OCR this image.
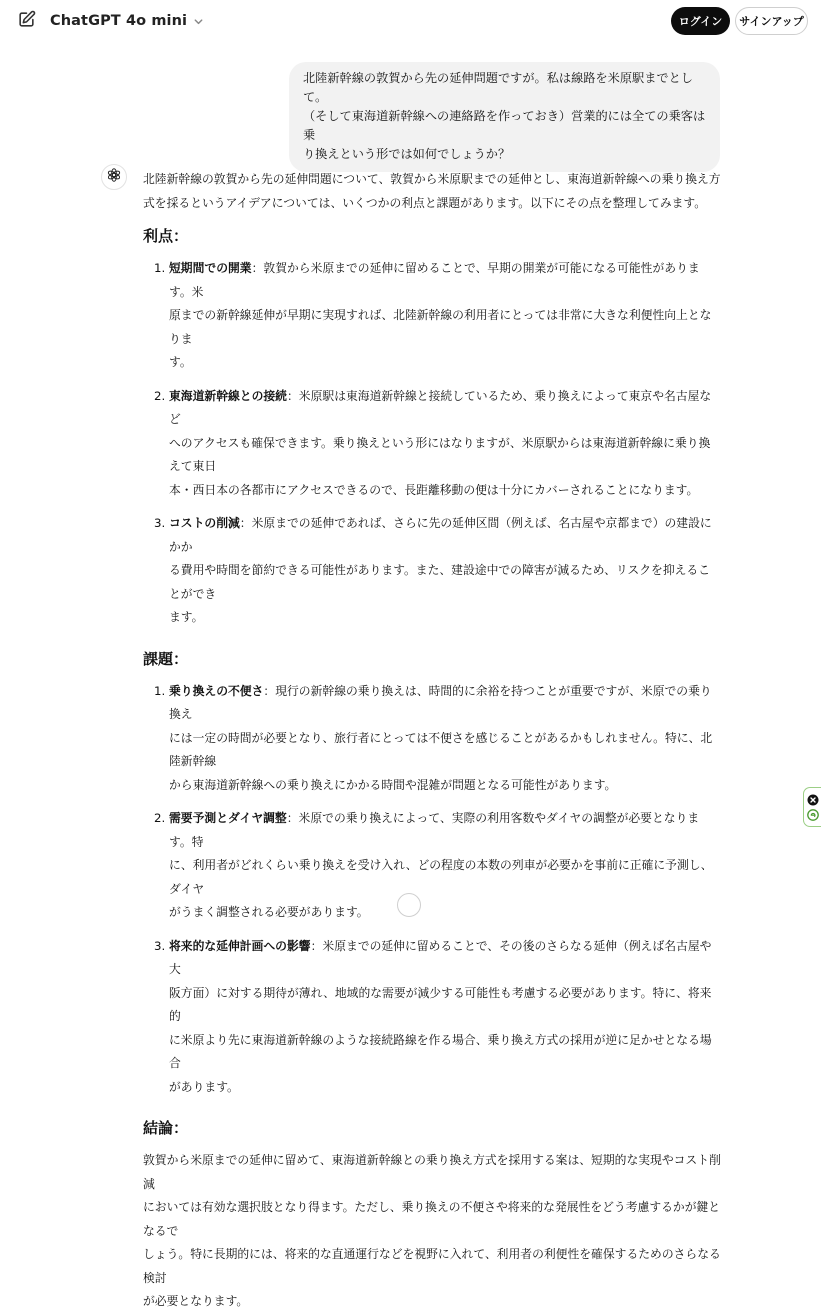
ChatGPT 4o mini	ログイン	サインアップ

北陸新幹線の敦賀から先の延伸問題ですが。私は線路を米原駅までとして。

（そして東海道新幹線への連絡路を作っておき）営業的には全ての乗客は乗

り換えという形では如何でしょうか？

北陸新幹線の敦賀から先の延伸問題について、敦賀から米原駅までの延伸とし、東海道新幹線への乗り換え方
式を採るというアイデアについては、いくつかの利点と課題があります。以下にその点を整理してみます。

利点：
1. 短期間での開業：敦賀から米原までの延伸に留めることで、早期の開業が可能になる可能性があります。米
原までの新幹線延伸が早期に実現すれば、北陸新幹線の利用者にとっては非常に大きな利便性向上となりま
す。
2. 東海道新幹線との接続：米原駅は東海道新幹線と接続しているため、乗り換えによって東京や名古屋など
へのアクセスも確保できます。乗り換えという形にはなりますが、米原駅からは東海道新幹線に乗り換えて東日
本・西日本の各都市にアクセスできるので、長距離移動の便は十分にカバーされることになります。
3. コストの削減：米原までの延伸であれば、さらに先の延伸区間（例えば、名古屋や京都まで）の建設にかか
る費用や時間を節約できる可能性があります。また、建設途中での障害が減るため、リスクを抑えることができ
ます。
課題：
1. 乗り換えの不便さ：現行の新幹線の乗り換えは、時間的に余裕を持つことが重要ですが、米原での乗り換え
には一定の時間が必要となり、旅行者にとっては不便さを感じることがあるかもしれません。特に、北陸新幹線
から東海道新幹線への乗り換えにかかる時間や混雑が問題となる可能性があります。
2. 需要予測とダイヤ調整：米原での乗り換えによって、実際の利用客数やダイヤの調整が必要となります。特
に、利用者がどれくらい乗り換えを受け入れ、どの程度の本数の列車が必要かを事前に正確に予測し、ダイヤ
がうまく調整される必要があります。
3. 将来的な延伸計画への影響：米原までの延伸に留めることで、その後のさらなる延伸（例えば名古屋や大
阪方面）に対する期待が薄れ、地域的な需要が減少する可能性も考慮する必要があります。特に、将来的
に米原より先に東海道新幹線のような接続路線を作る場合、乗り換え方式の採用が逆に足かせとなる場合
があります。
結論：

敦賀から米原までの延伸に留めて、東海道新幹線との乗り換え方式を採用する案は、短期的な実現やコスト削減
においては有効な選択肢となり得ます。ただし、乗り換えの不便さや将来的な発展性をどう考慮するかが鍵となるで
しょう。特に長期的には、将来的な直通運行などを視野に入れて、利用者の利便性を確保するためのさらなる検討
が必要となります。
